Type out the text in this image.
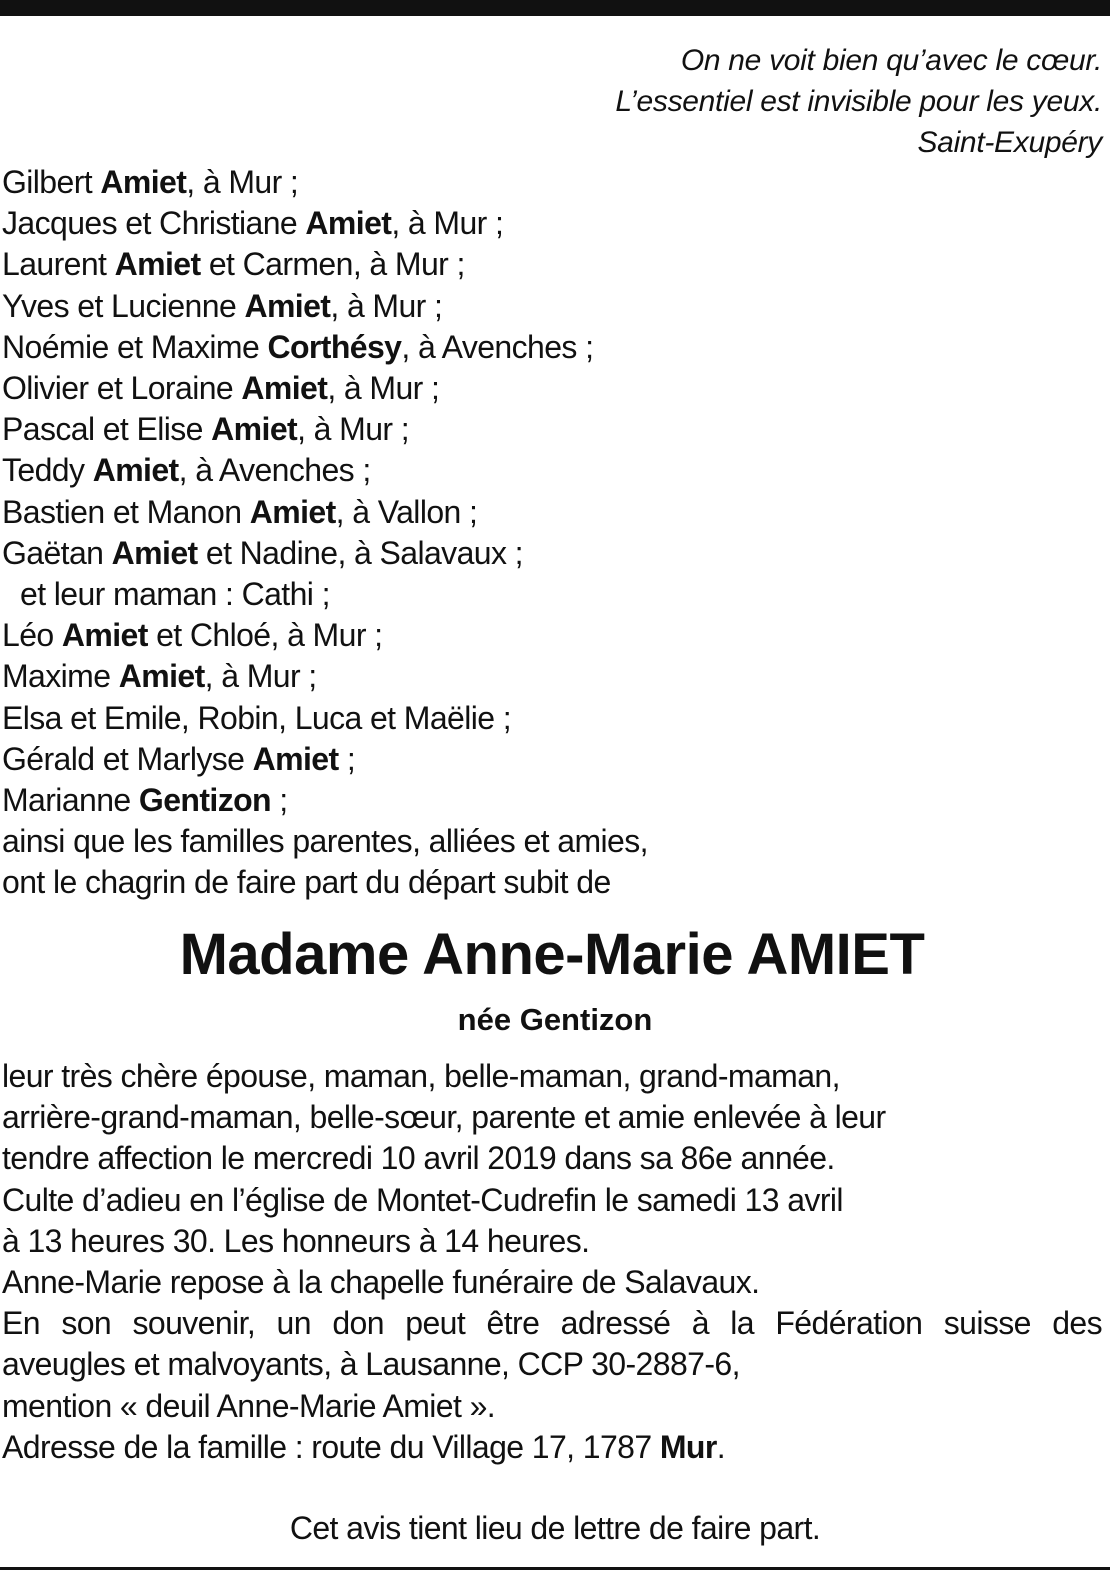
On ne voit bien qu’avec le cœur.
L’essentiel est invisible pour les yeux.
Saint-Exupéry
Gilbert Amiet, à Mur ;
Jacques et Christiane Amiet, à Mur ;
Laurent Amiet et Carmen, à Mur ;
Yves et Lucienne Amiet, à Mur ;
Noémie et Maxime Corthésy, à Avenches ;
Olivier et Loraine Amiet, à Mur ;
Pascal et Elise Amiet, à Mur ;
Teddy Amiet, à Avenches ;
Bastien et Manon Amiet, à Vallon ;
Gaëtan Amiet et Nadine, à Salavaux ;
et leur maman : Cathi ;
Léo Amiet et Chloé, à Mur ;
Maxime Amiet, à Mur ;
Elsa et Emile, Robin, Luca et Maëlie ;
Gérald et Marlyse Amiet ;
Marianne Gentizon ;
ainsi que les familles parentes, alliées et amies,
ont le chagrin de faire part du départ subit de
Madame Anne-Marie AMIET
née Gentizon
leur très chère épouse, maman, belle-maman, grand-maman,
arrière-grand-maman, belle-sœur, parente et amie enlevée à leur
tendre affection le mercredi 10 avril 2019 dans sa 86e année.
Culte d’adieu en l’église de Montet-Cudrefin le samedi 13 avril
à 13 heures 30. Les honneurs à 14 heures.
Anne-Marie repose à la chapelle funéraire de Salavaux.
En son souvenir, un don peut être adressé à la Fédération suisse des
aveugles et malvoyants, à Lausanne, CCP 30-2887-6,
mention « deuil Anne-Marie Amiet ».
Adresse de la famille : route du Village 17, 1787 Mur.
Cet avis tient lieu de lettre de faire part.
